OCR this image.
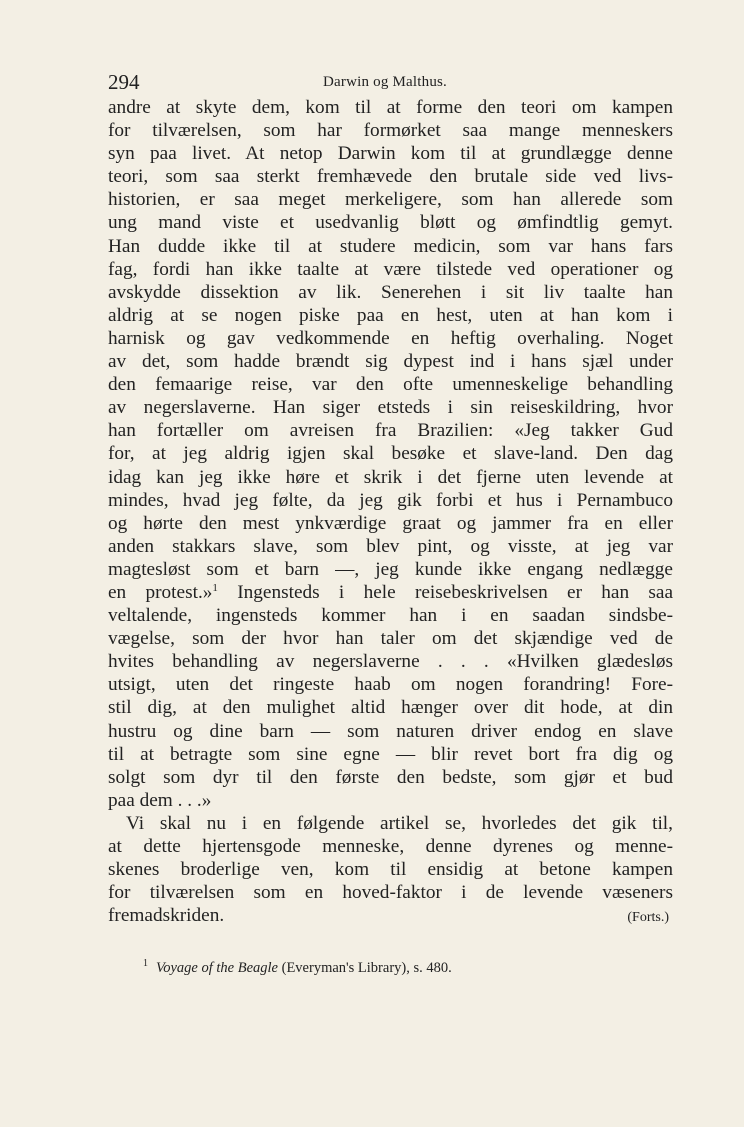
294	Darwin og Malthus.
andre at skyte dem, kom til at forme den teori om kampen
for tilværelsen, som har formørket saa mange menneskers
syn paa livet. At netop Darwin kom til at grundlægge denne
teori, som saa sterkt fremhævede den brutale side ved livs-
historien, er saa meget merkeligere, som han allerede som
ung mand viste et usedvanlig bløtt og ømfindtlig gemyt.
Han dudde ikke til at studere medicin, som var hans fars
fag, fordi han ikke taalte at være tilstede ved operationer og
avskydde dissektion av lik. Senerehen i sit liv taalte han
aldrig at se nogen piske paa en hest, uten at han kom i
harnisk og gav vedkommende en heftig overhaling. Noget
av det, som hadde brændt sig dypest ind i hans sjæl under
den femaarige reise, var den ofte umenneskelige behandling
av negerslaverne. Han siger etsteds i sin reiseskildring, hvor
han fortæller om avreisen fra Brazilien: «Jeg takker Gud
for, at jeg aldrig igjen skal besøke et slave-land. Den dag
idag kan jeg ikke høre et skrik i det fjerne uten levende at
mindes, hvad jeg følte, da jeg gik forbi et hus i Pernambuco
og hørte den mest ynkværdige graat og jammer fra en eller
anden stakkars slave, som blev pint, og visste, at jeg var
magtesløst som et barn —, jeg kunde ikke engang nedlægge
en protest.»$^1$ Ingensteds i hele reisebeskrivelsen er han saa
veltalende, ingensteds kommer han i en saadan sindsbe-
vægelse, som der hvor han taler om det skjændige ved de
hvites behandling av negerslaverne . . . «Hvilken glædesløs
utsigt, uten det ringeste haab om nogen forandring! Fore-
stil dig, at den mulighet altid hænger over dit hode, at din
hustru og dine barn — som naturen driver endog en slave
til at betragte som sine egne — blir revet bort fra dig og
solgt som dyr til den første den bedste, som gjør et bud
paa dem . . .»
Vi skal nu i en følgende artikel se, hvorledes det gik til,
at dette hjertensgode menneske, denne dyrenes og menne-
skenes broderlige ven, kom til ensidig at betone kampen
for tilværelsen som en hoved-faktor i de levende væseners
fremadskriden.	(Forts.)
$^1$ Voyage of the Beagle (Everyman's Library), s. 480.
